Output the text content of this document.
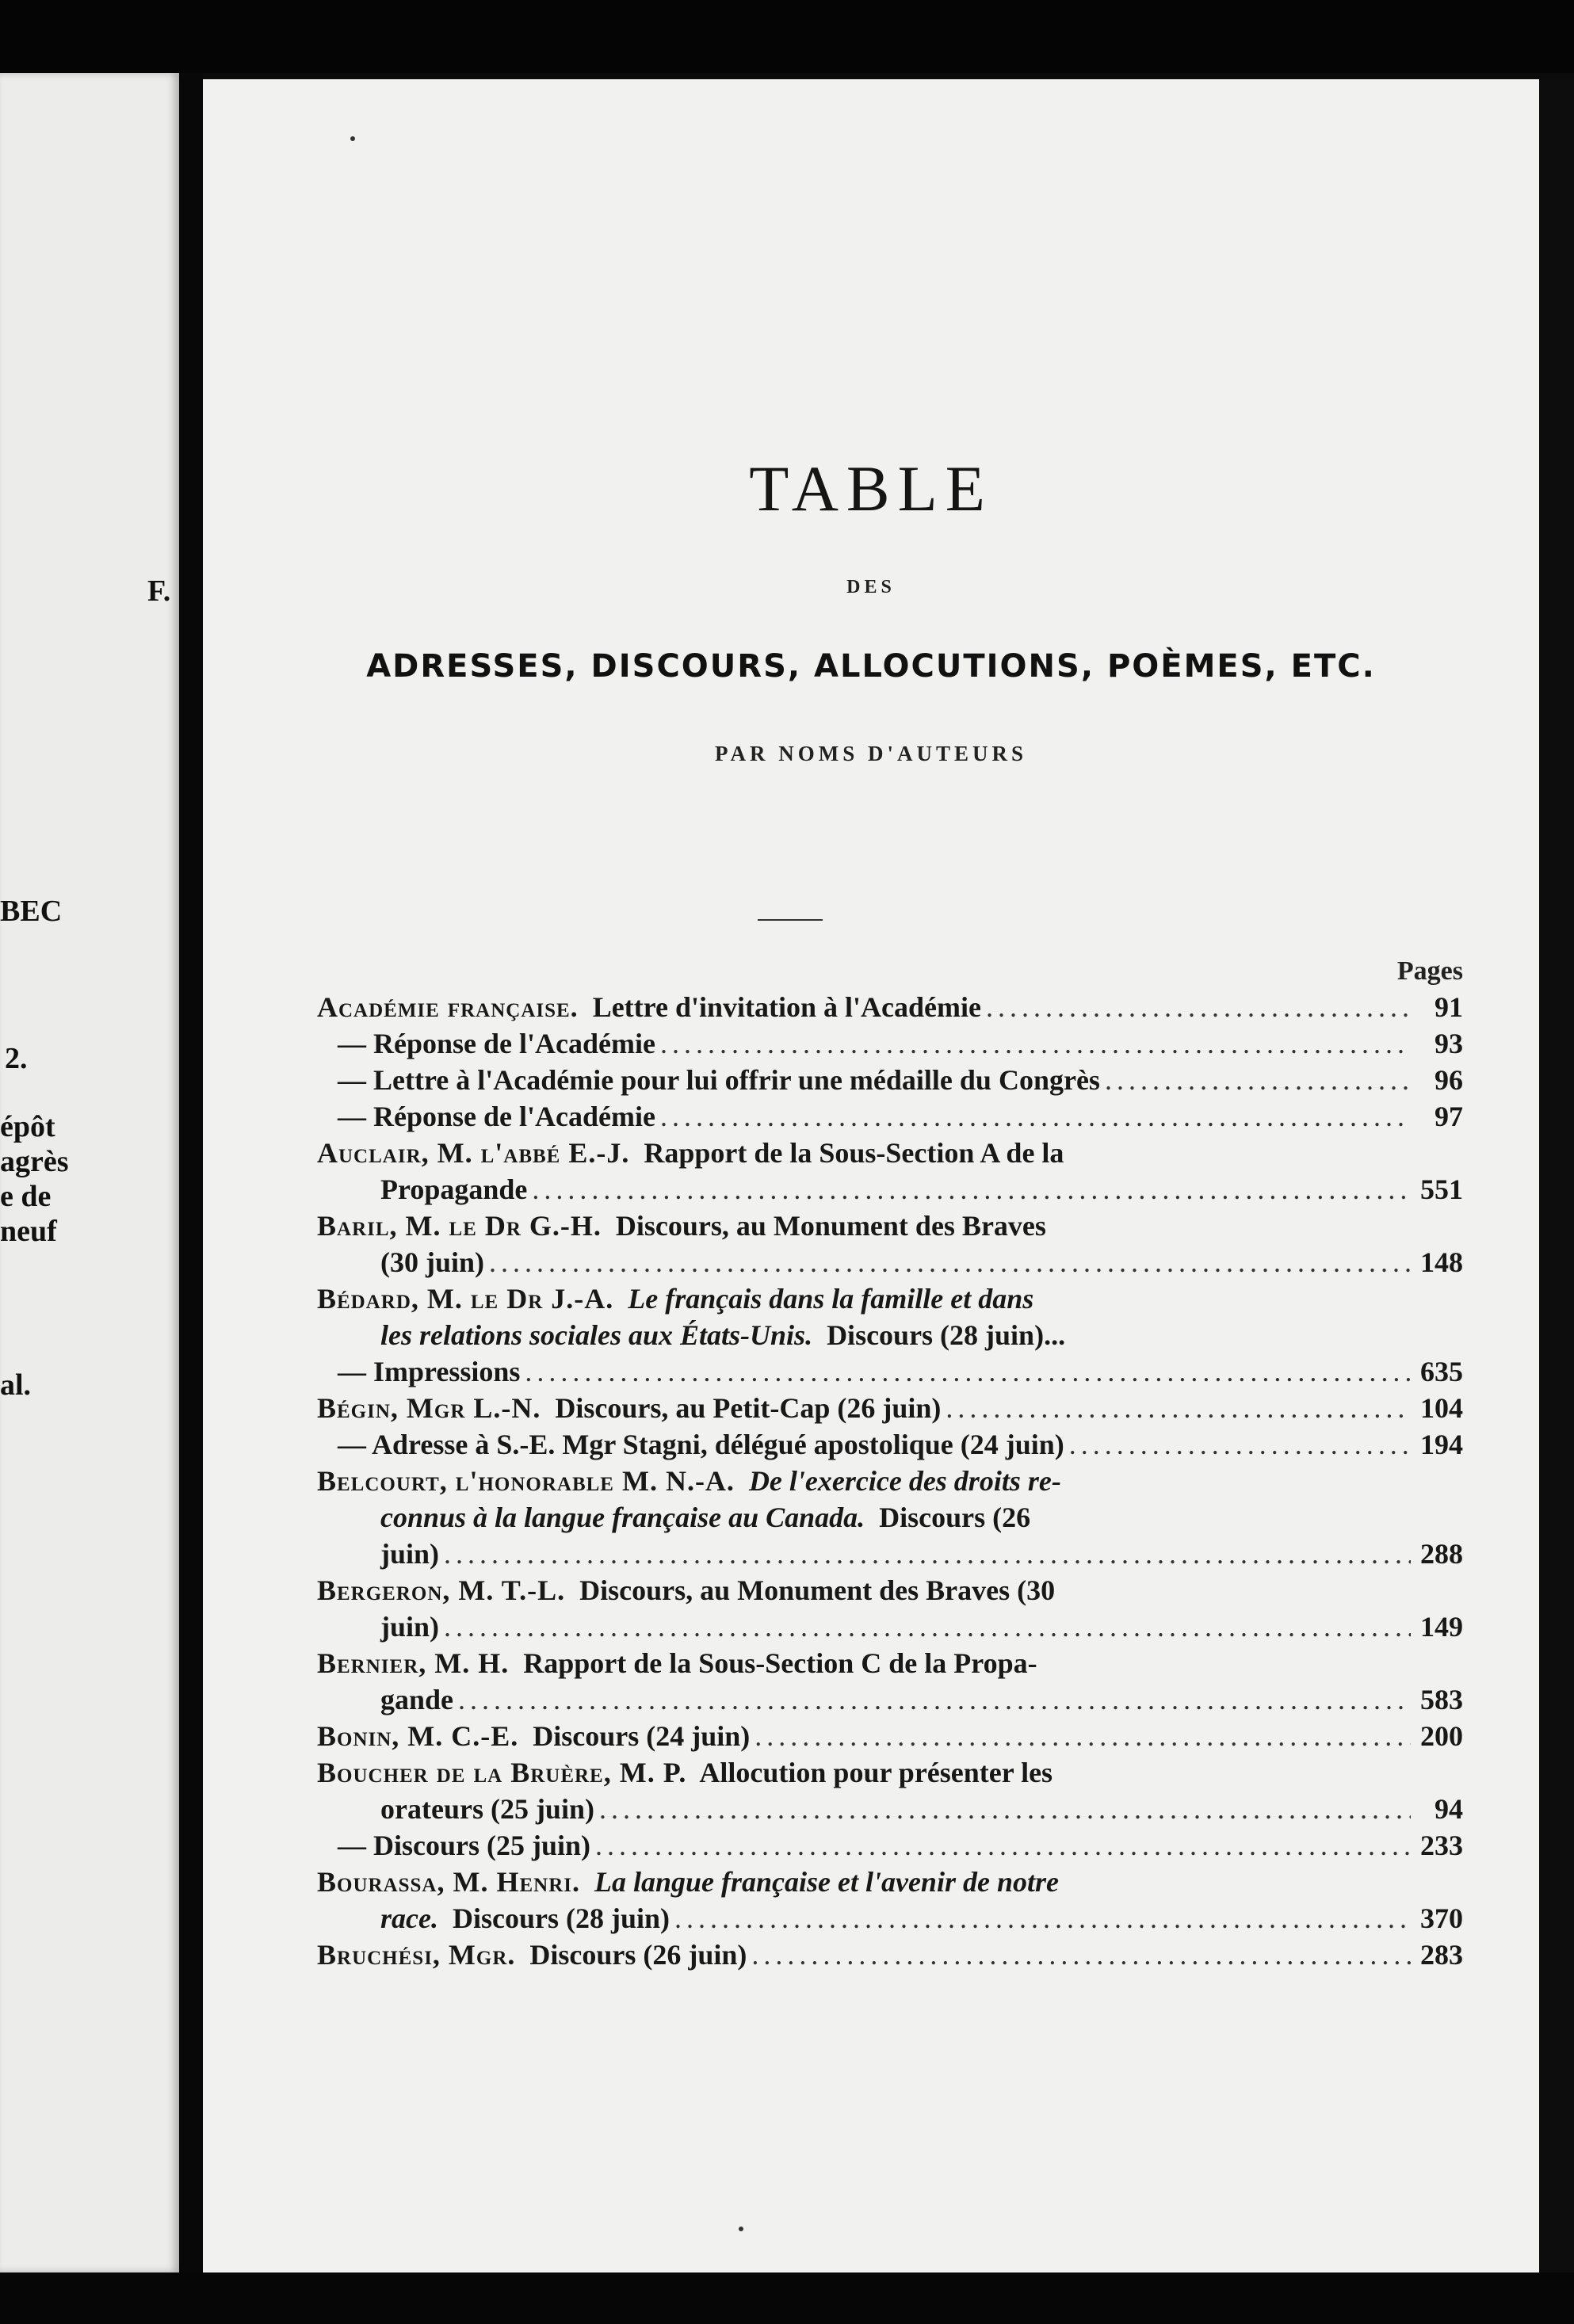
F.
BEC
2.
épôt
agrès
e de
neuf
al.
TABLE
DES
ADRESSES, DISCOURS, ALLOCUTIONS, POÈMES, ETC.
PAR NOMS D'AUTEURS
Pages
Académie française. Lettre d'invitation à l'Académie .....	91
— Réponse de l'Académie .....	93
— Lettre à l'Académie pour lui offrir une médaille du Congrès .....	96
— Réponse de l'Académie .....	97
Auclair, M. l'abbé E.-J. Rapport de la Sous-Section A de la
Propagande .....	551
Baril, M. le Dr G.-H. Discours, au Monument des Braves
(30 juin) .....	148
Bédard, M. le Dr J.-A. Le français dans la famille et dans
les relations sociales aux États-Unis. Discours (28 juin)...
— Impressions .....	635
Bégin, Mgr L.-N. Discours, au Petit-Cap (26 juin) .....	104
— Adresse à S.-E. Mgr Stagni, délégué apostolique (24 juin) .....	194
Belcourt, l'honorable M. N.-A. De l'exercice des droits re-
connus à la langue française au Canada. Discours (26
juin) .....	288
Bergeron, M. T.-L. Discours, au Monument des Braves (30
juin) .....	149
Bernier, M. H. Rapport de la Sous-Section C de la Propa-
gande .....	583
Bonin, M. C.-E. Discours (24 juin) .....	200
Boucher de la Bruère, M. P. Allocution pour présenter les
orateurs (25 juin) .....	94
— Discours (25 juin) .....	233
Bourassa, M. Henri. La langue française et l'avenir de notre
race. Discours (28 juin) .....	370
Bruchési, Mgr. Discours (26 juin) .....	283
